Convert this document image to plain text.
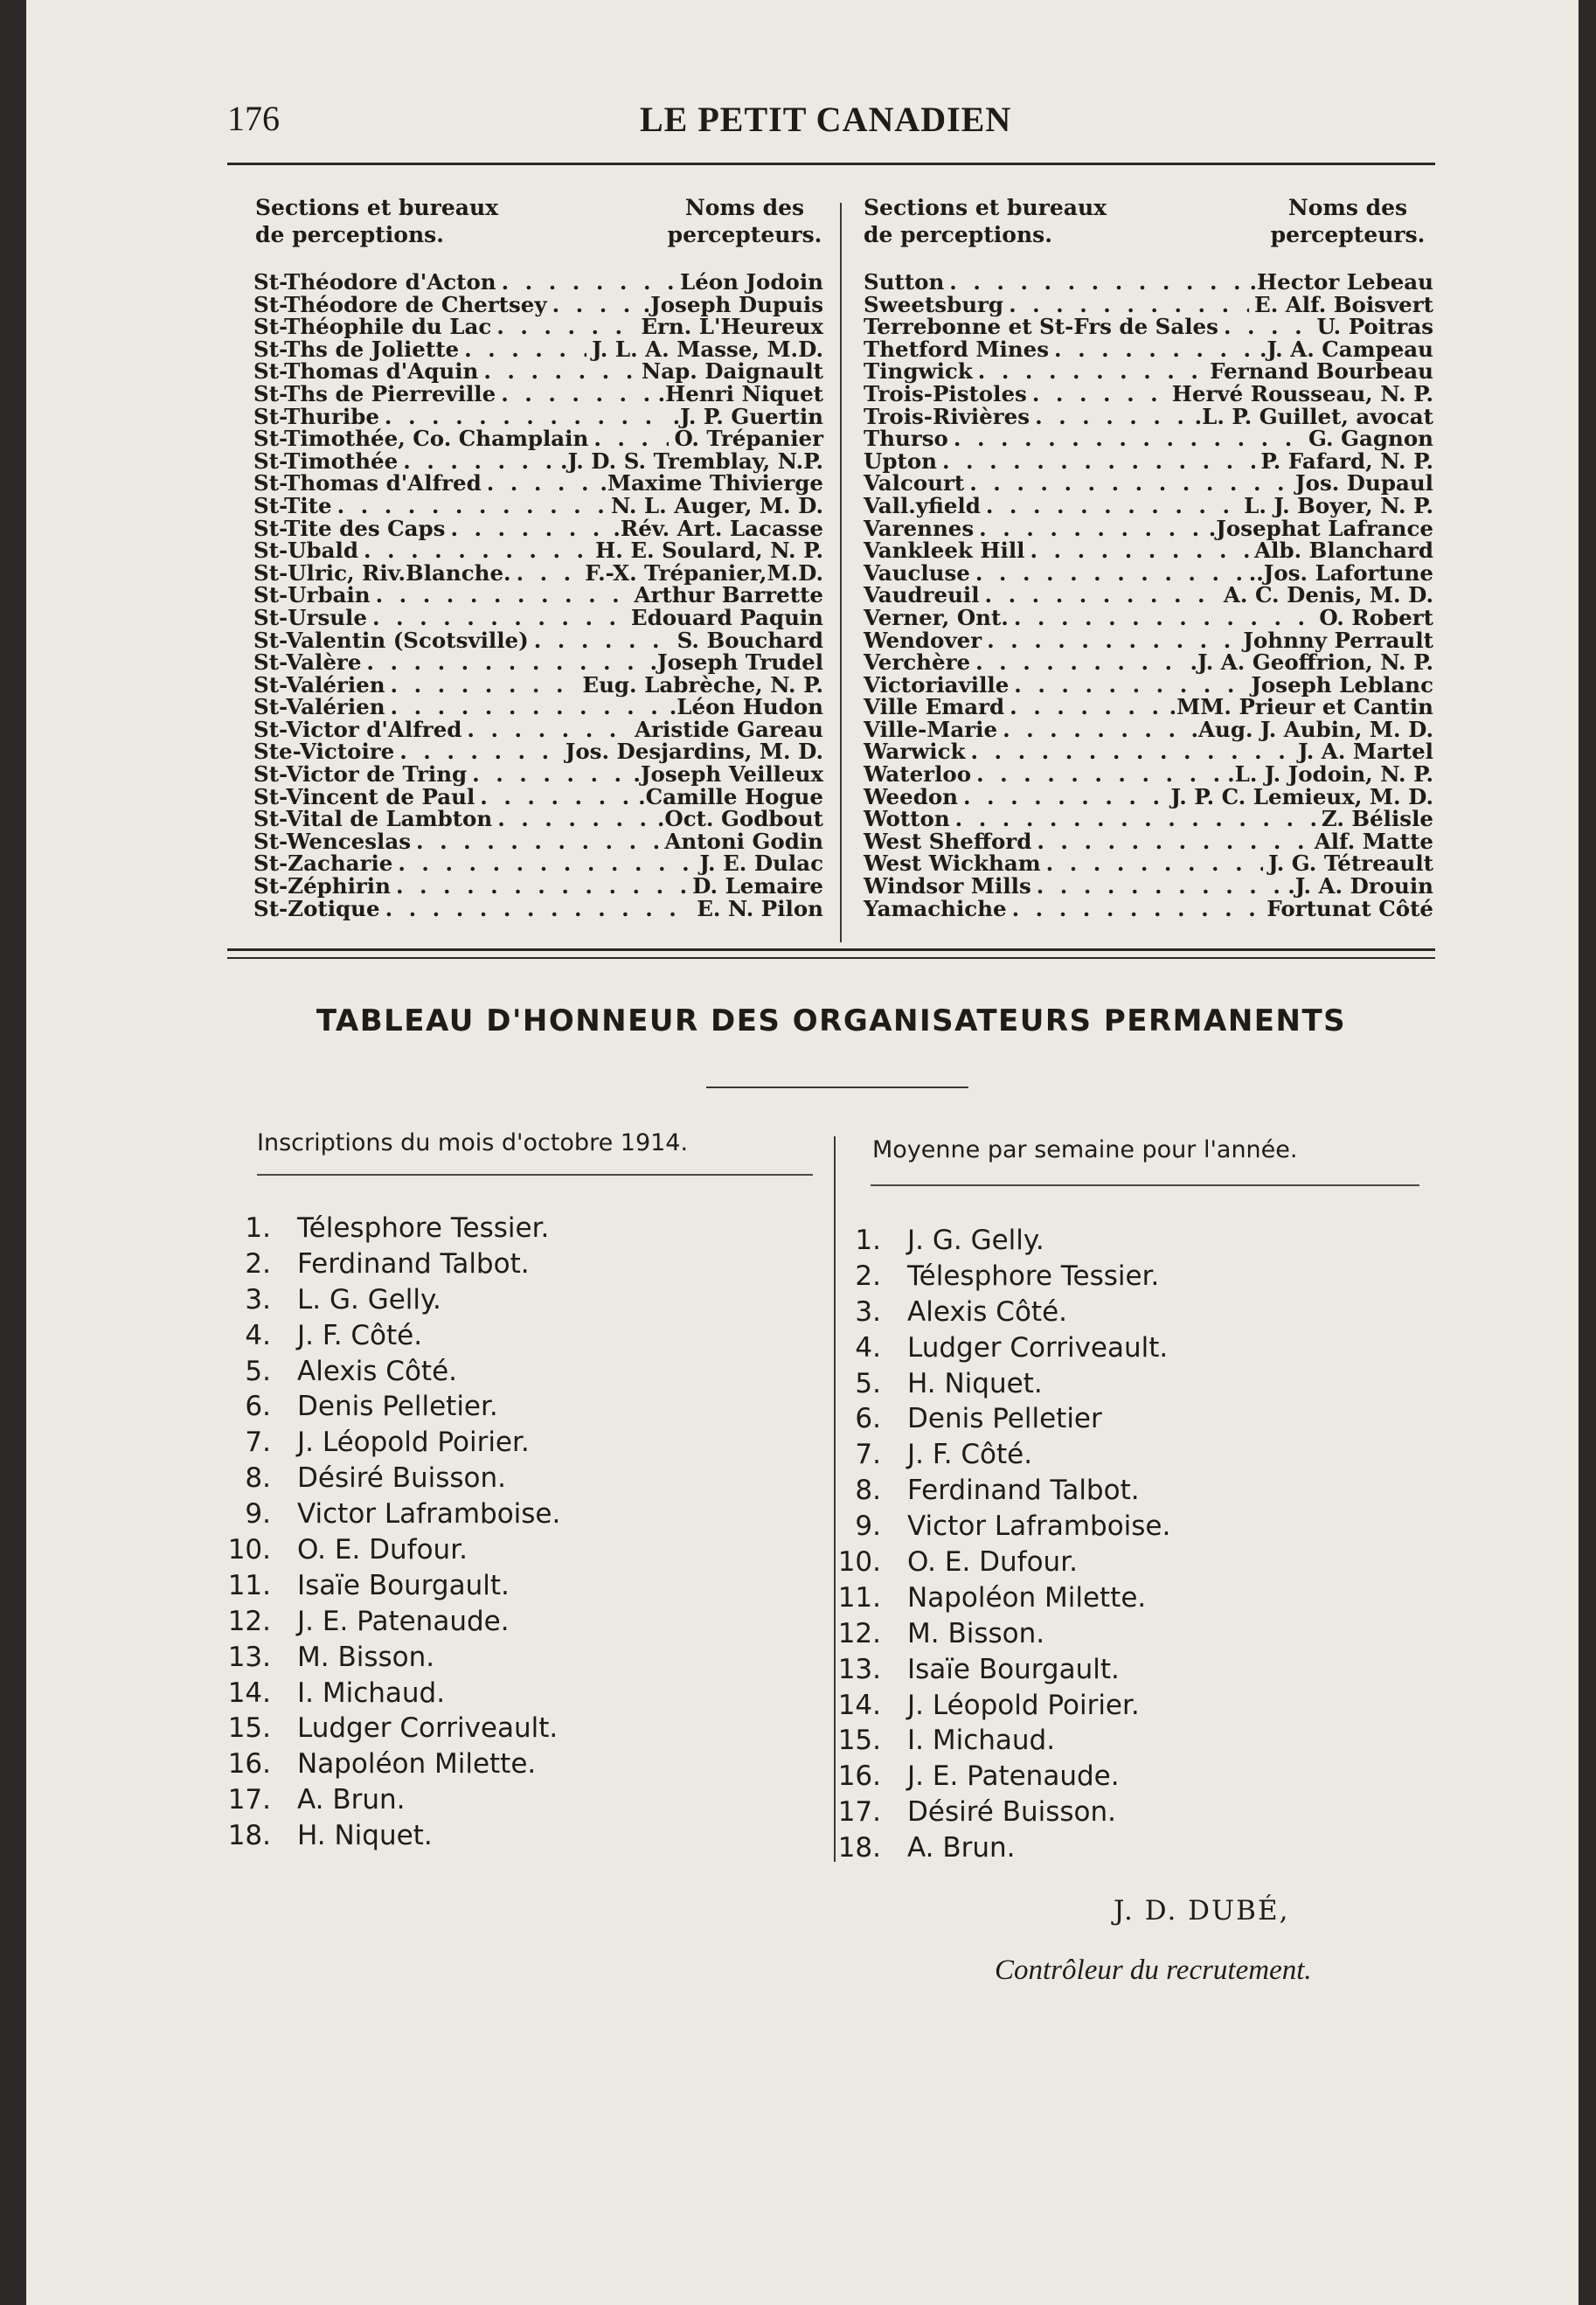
176	LE PETIT CANADIEN
Sections et bureaux
de perceptions.
Noms des
percepteurs.
St-Théodore d'Acton . . .	Léon Jodoin
St-Théodore de Chertsey . . .	.Joseph Dupuis
St-Théophile du Lac . . .	Ern. L'Heureux
St-Ths de Joliette . . .	J. L. A. Masse, M.D.
St-Thomas d'Aquin . . .	Nap. Daignault
St-Ths de Pierreville . . .	.Henri Niquet
St-Thuribe . . .	.J. P. Guertin
St-Timothée, Co. Champlain . . .	O. Trépanier
St-Timothée . . .	.J. D. S. Tremblay, N.P.
St-Thomas d'Alfred . . .	.Maxime Thivierge
St-Tite . . .	N. L. Auger, M. D.
St-Tite des Caps . . .	.Rév. Art. Lacasse
St-Ubald . . .	H. E. Soulard, N. P.
St-Ulric, Riv.Blanche. . . .	F.-X. Trépanier,M.D.
St-Urbain . . .	Arthur Barrette
St-Ursule . . .	Edouard Paquin
St-Valentin (Scotsville) . . .	S. Bouchard
St-Valère . . .	.Joseph Trudel
St-Valérien . . .	Eug. Labrèche, N. P.
St-Valérien . . .	.Léon Hudon
St-Victor d'Alfred . . .	Aristide Gareau
Ste-Victoire . . .	Jos. Desjardins, M. D.
St-Victor de Tring . . .	.Joseph Veilleux
St-Vincent de Paul . . .	.Camille Hogue
St-Vital de Lambton . . .	.Oct. Godbout
St-Wenceslas . . .	Antoni Godin
St-Zacharie . . .	J. E. Dulac
St-Zéphirin . . .	D. Lemaire
St-Zotique . . .	E. N. Pilon
Sections et bureaux
de perceptions.
Noms des
percepteurs.
Sutton . . .	.Hector Lebeau
Sweetsburg . . .	E. Alf. Boisvert
Terrebonne et St-Frs de Sales . . .	U. Poitras
Thetford Mines . . .	.J. A. Campeau
Tingwick . . .	Fernand Bourbeau
Trois-Pistoles . . .	Hervé Rousseau, N. P.
Trois-Rivières . . .	.L. P. Guillet, avocat
Thurso . . .	G. Gagnon
Upton . . .	P. Fafard, N. P.
Valcourt . . .	Jos. Dupaul
Vall.yfield . . .	L. J. Boyer, N. P.
Varennes . . .	.Josephat Lafrance
Vankleek Hill . . .	Alb. Blanchard
Vaucluse . . .	..Jos. Lafortune
Vaudreuil . . .	A. C. Denis, M. D.
Verner, Ont. . . .	O. Robert
Wendover . . .	Johnny Perrault
Verchère . . .	.J. A. Geoffrion, N. P.
Victoriaville . . .	Joseph Leblanc
Ville Emard . . .	.MM. Prieur et Cantin
Ville-Marie . . .	.Aug. J. Aubin, M. D.
Warwick . . .	J. A. Martel
Waterloo . . .	.L. J. Jodoin, N. P.
Weedon . . .	J. P. C. Lemieux, M. D.
Wotton . . .	Z. Bélisle
West Shefford . . .	Alf. Matte
West Wickham . . .	J. G. Tétreault
Windsor Mills . . .	.J. A. Drouin
Yamachiche . . .	Fortunat Côté
TABLEAU D'HONNEUR DES ORGANISATEURS PERMANENTS
Inscriptions du mois d'octobre 1914.	Moyenne par semaine pour l'année.
1. Télesphore Tessier.
2. Ferdinand Talbot.
3. L. G. Gelly.
4. J. F. Côté.
5. Alexis Côté.
6. Denis Pelletier.
7. J. Léopold Poirier.
8. Désiré Buisson.
9. Victor Laframboise.
10. O. E. Dufour.
11. Isaïe Bourgault.
12. J. E. Patenaude.
13. M. Bisson.
14. I. Michaud.
15. Ludger Corriveault.
16. Napoléon Milette.
17. A. Brun.
18. H. Niquet.
1. J. G. Gelly.
2. Télesphore Tessier.
3. Alexis Côté.
4. Ludger Corriveault.
5. H. Niquet.
6. Denis Pelletier
7. J. F. Côté.
8. Ferdinand Talbot.
9. Victor Laframboise.
10. O. E. Dufour.
11. Napoléon Milette.
12. M. Bisson.
13. Isaïe Bourgault.
14. J. Léopold Poirier.
15. I. Michaud.
16. J. E. Patenaude.
17. Désiré Buisson.
18. A. Brun.
J. D. DUBÉ,
Contrôleur du recrutement.
